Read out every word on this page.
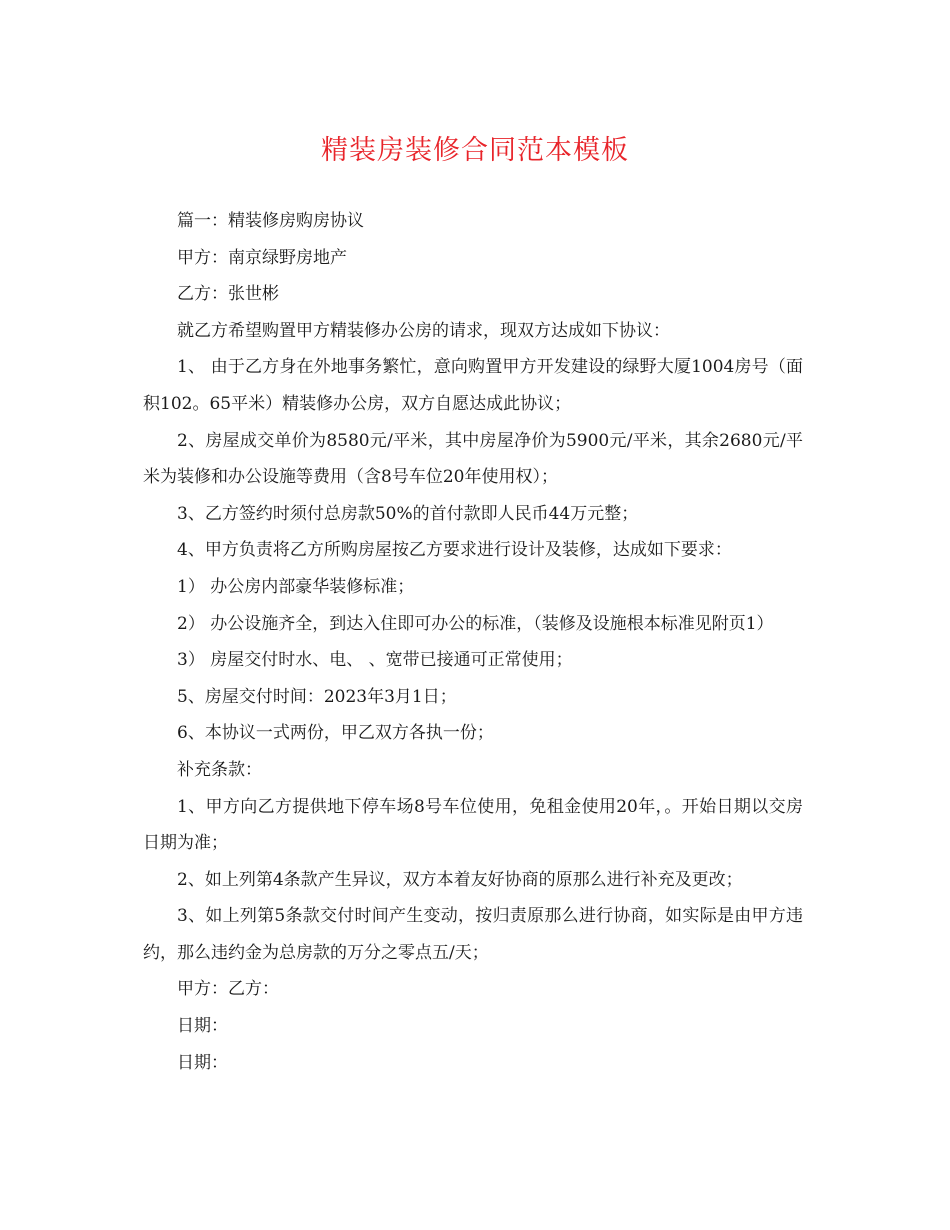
精装房装修合同范本模板

篇一：精装修房购房协议

甲方：南京绿野房地产

乙方：张世彬

就乙方希望购置甲方精装修办公房的请求，现双方达成如下协议：

1、 由于乙方身在外地事务繁忙，意向购置甲方开发建设的绿野大厦1004房号（面积102。65平米）精装修办公房，双方自愿达成此协议；

2、房屋成交单价为8580元/平米，其中房屋净价为5900元/平米，其余2680元/平米为装修和办公设施等费用（含8号车位20年使用权）；

3、乙方签约时须付总房款50%的首付款即人民币44万元整；

4、甲方负责将乙方所购房屋按乙方要求进行设计及装修，达成如下要求：

1） 办公房内部豪华装修标准；

2） 办公设施齐全，到达入住即可办公的标准，（装修及设施根本标准见附页1）

3） 房屋交付时水、电、 、宽带已接通可正常使用；

5、房屋交付时间：2023年3月1日；

6、本协议一式两份，甲乙双方各执一份；

补充条款：

1、甲方向乙方提供地下停车场8号车位使用，免租金使用20年，。开始日期以交房日期为准；

2、如上列第4条款产生异议，双方本着友好协商的原那么进行补充及更改；

3、如上列第5条款交付时间产生变动，按归责原那么进行协商，如实际是由甲方违约，那么违约金为总房款的万分之零点五/天；

甲方：乙方：

日期：

日期：
